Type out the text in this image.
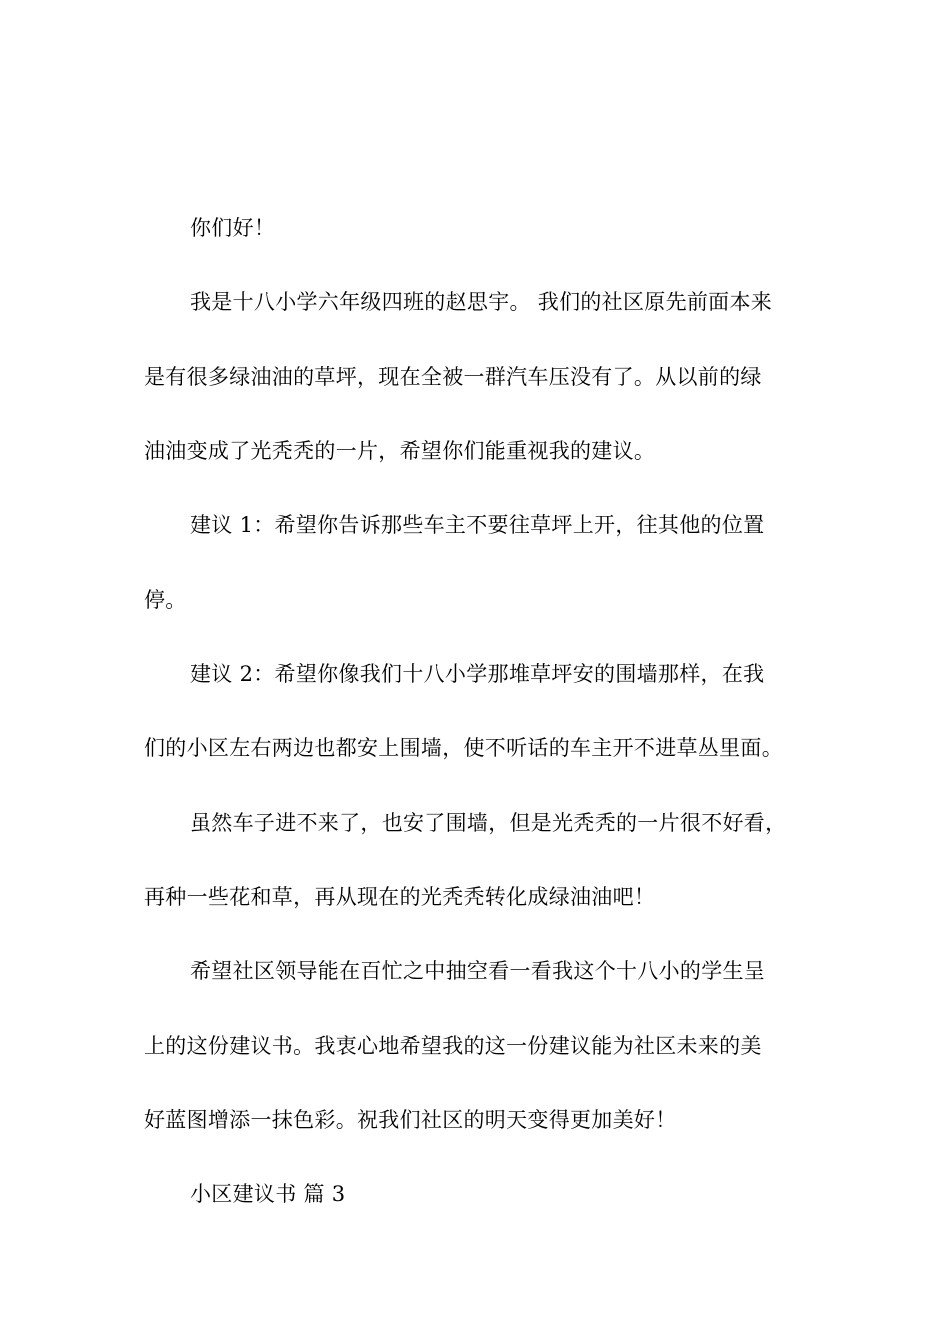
你们好！
我是十八小学六年级四班的赵思宇。 我们的社区原先前面本来
是有很多绿油油的草坪，现在全被一群汽车压没有了。从以前的绿
油油变成了光秃秃的一片，希望你们能重视我的建议。
建议 1：希望你告诉那些车主不要往草坪上开，往其他的位置
停。
建议 2：希望你像我们十八小学那堆草坪安的围墙那样，在我
们的小区左右两边也都安上围墙，使不听话的车主开不进草丛里面。
虽然车子进不来了，也安了围墙，但是光秃秃的一片很不好看，
再种一些花和草，再从现在的光秃秃转化成绿油油吧！
希望社区领导能在百忙之中抽空看一看我这个十八小的学生呈
上的这份建议书。我衷心地希望我的这一份建议能为社区未来的美
好蓝图增添一抹色彩。祝我们社区的明天变得更加美好！
小区建议书 篇 3
